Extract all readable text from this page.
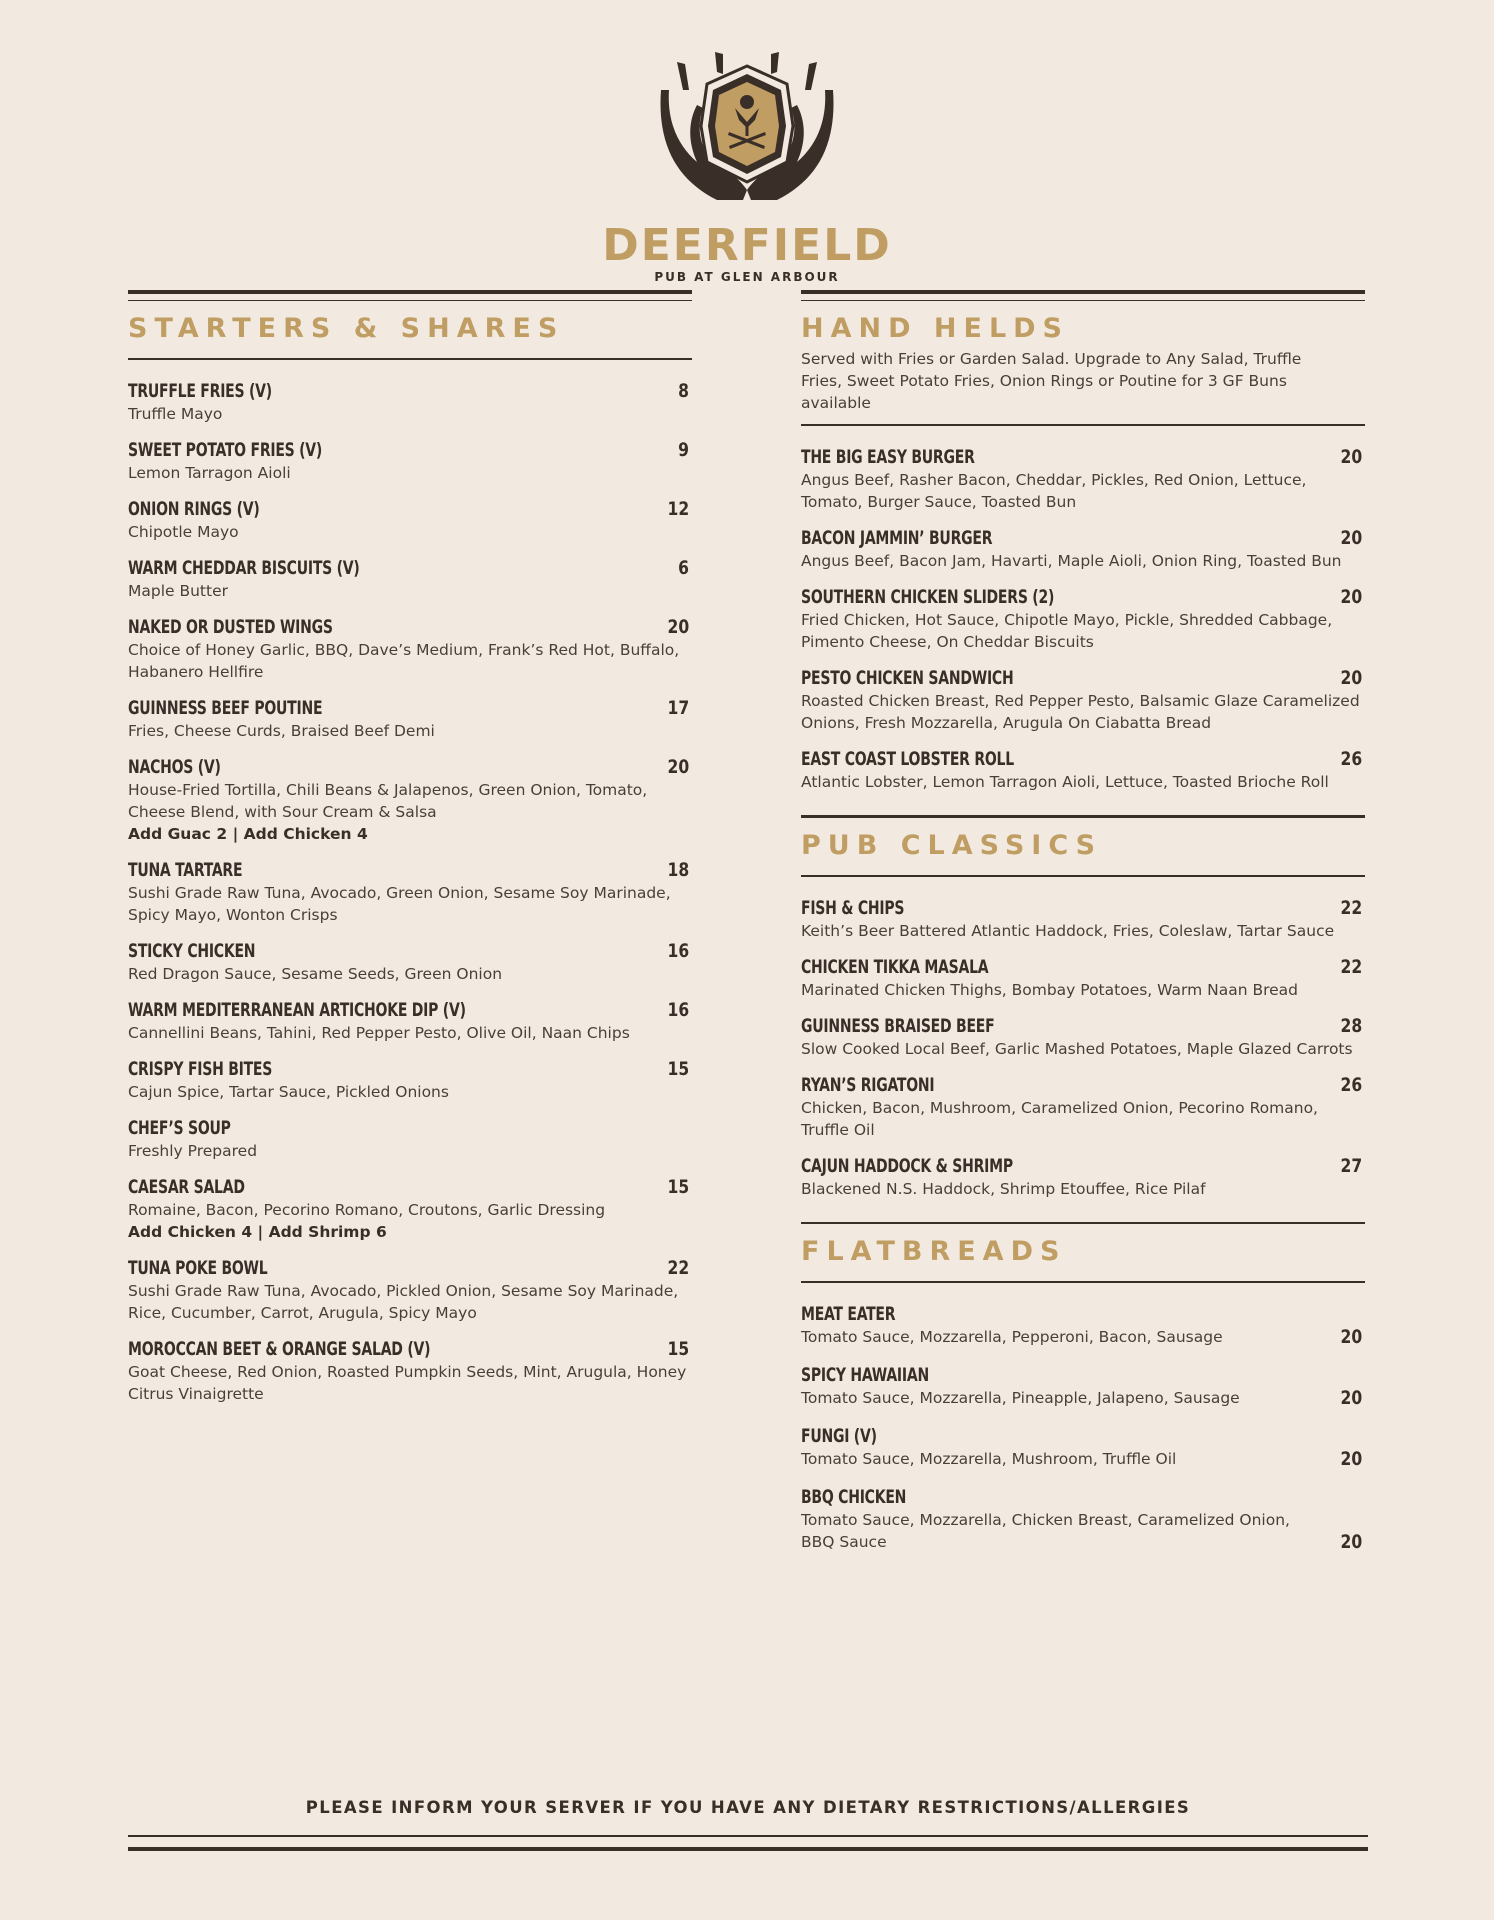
DEERFIELD
PUB AT GLEN ARBOUR
STARTERS & SHARES
TRUFFLE FRIES (V)	8
Truffle Mayo
SWEET POTATO FRIES (V)	9
Lemon Tarragon Aioli
ONION RINGS (V)	12
Chipotle Mayo
WARM CHEDDAR BISCUITS (V)	6
Maple Butter
NAKED OR DUSTED WINGS	20
Choice of Honey Garlic, BBQ, Dave’s Medium, Frank’s Red Hot, Buffalo, Habanero Hellfire
GUINNESS BEEF POUTINE	17
Fries, Cheese Curds, Braised Beef Demi
NACHOS (V)	20
House-Fried Tortilla, Chili Beans & Jalapenos, Green Onion, Tomato, Cheese Blend, with Sour Cream & Salsa
Add Guac 2 | Add Chicken 4
TUNA TARTARE	18
Sushi Grade Raw Tuna, Avocado, Green Onion, Sesame Soy Marinade, Spicy Mayo, Wonton Crisps
STICKY CHICKEN	16
Red Dragon Sauce, Sesame Seeds, Green Onion
WARM MEDITERRANEAN ARTICHOKE DIP (V)	16
Cannellini Beans, Tahini, Red Pepper Pesto, Olive Oil, Naan Chips
CRISPY FISH BITES	15
Cajun Spice, Tartar Sauce, Pickled Onions
CHEF’S SOUP
Freshly Prepared
CAESAR SALAD	15
Romaine, Bacon, Pecorino Romano, Croutons, Garlic Dressing
Add Chicken 4 | Add Shrimp 6
TUNA POKE BOWL	22
Sushi Grade Raw Tuna, Avocado, Pickled Onion, Sesame Soy Marinade, Rice, Cucumber, Carrot, Arugula, Spicy Mayo
MOROCCAN BEET & ORANGE SALAD (V)	15
Goat Cheese, Red Onion, Roasted Pumpkin Seeds, Mint, Arugula, Honey Citrus Vinaigrette
HAND HELDS
Served with Fries or Garden Salad. Upgrade to Any Salad, Truffle Fries, Sweet Potato Fries, Onion Rings or Poutine for 3 GF Buns available
THE BIG EASY BURGER	20
Angus Beef, Rasher Bacon, Cheddar, Pickles, Red Onion, Lettuce, Tomato, Burger Sauce, Toasted Bun
BACON JAMMIN’ BURGER	20
Angus Beef, Bacon Jam, Havarti, Maple Aioli, Onion Ring, Toasted Bun
SOUTHERN CHICKEN SLIDERS (2)	20
Fried Chicken, Hot Sauce, Chipotle Mayo, Pickle, Shredded Cabbage, Pimento Cheese, On Cheddar Biscuits
PESTO CHICKEN SANDWICH	20
Roasted Chicken Breast, Red Pepper Pesto, Balsamic Glaze Caramelized Onions, Fresh Mozzarella, Arugula On Ciabatta Bread
EAST COAST LOBSTER ROLL	26
Atlantic Lobster, Lemon Tarragon Aioli, Lettuce, Toasted Brioche Roll
PUB CLASSICS
FISH & CHIPS	22
Keith’s Beer Battered Atlantic Haddock, Fries, Coleslaw, Tartar Sauce
CHICKEN TIKKA MASALA	22
Marinated Chicken Thighs, Bombay Potatoes, Warm Naan Bread
GUINNESS BRAISED BEEF	28
Slow Cooked Local Beef, Garlic Mashed Potatoes, Maple Glazed Carrots
RYAN’S RIGATONI	26
Chicken, Bacon, Mushroom, Caramelized Onion, Pecorino Romano, Truffle Oil
CAJUN HADDOCK & SHRIMP	27
Blackened N.S. Haddock, Shrimp Etouffee, Rice Pilaf
FLATBREADS
MEAT EATER
Tomato Sauce, Mozzarella, Pepperoni, Bacon, Sausage	20
SPICY HAWAIIAN
Tomato Sauce, Mozzarella, Pineapple, Jalapeno, Sausage	20
FUNGI (V)
Tomato Sauce, Mozzarella, Mushroom, Truffle Oil	20
BBQ CHICKEN
Tomato Sauce, Mozzarella, Chicken Breast, Caramelized Onion, BBQ Sauce	20
PLEASE INFORM YOUR SERVER IF YOU HAVE ANY DIETARY RESTRICTIONS/ALLERGIES
